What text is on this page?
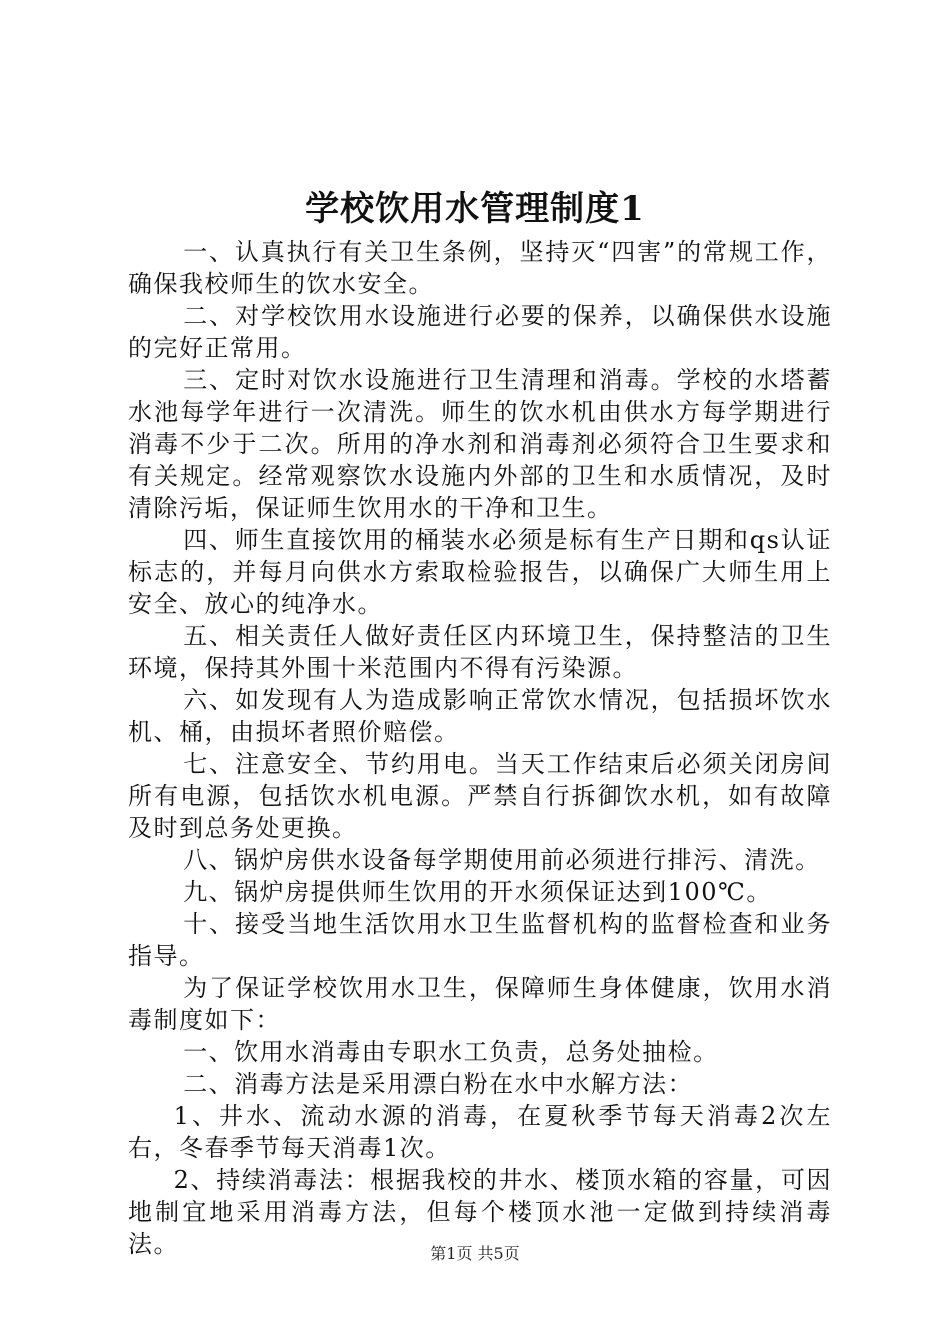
学校饮用水管理制度1

一、认真执行有关卫生条例，坚持灭“四害”的常规工作，确保我校师生的饮水安全。

二、对学校饮用水设施进行必要的保养，以确保供水设施的完好正常用。

三、定时对饮水设施进行卫生清理和消毒。学校的水塔蓄水池每学年进行一次清洗。师生的饮水机由供水方每学期进行消毒不少于二次。所用的净水剂和消毒剂必须符合卫生要求和有关规定。经常观察饮水设施内外部的卫生和水质情况，及时清除污垢，保证师生饮用水的干净和卫生。

四、师生直接饮用的桶装水必须是标有生产日期和qs认证标志的，并每月向供水方索取检验报告，以确保广大师生用上安全、放心的纯净水。

五、相关责任人做好责任区内环境卫生，保持整洁的卫生环境，保持其外围十米范围内不得有污染源。

六、如发现有人为造成影响正常饮水情况，包括损坏饮水机、桶，由损坏者照价赔偿。

七、注意安全、节约用电。当天工作结束后必须关闭房间所有电源，包括饮水机电源。严禁自行拆御饮水机，如有故障及时到总务处更换。

八、锅炉房供水设备每学期使用前必须进行排污、清洗。

九、锅炉房提供师生饮用的开水须保证达到100℃。

十、接受当地生活饮用水卫生监督机构的监督检查和业务指导。

为了保证学校饮用水卫生，保障师生身体健康，饮用水消毒制度如下：

一、饮用水消毒由专职水工负责，总务处抽检。

二、消毒方法是采用漂白粉在水中水解方法：

1、井水、流动水源的消毒，在夏秋季节每天消毒2次左右，冬春季节每天消毒1次。

2、持续消毒法：根据我校的井水、楼顶水箱的容量，可因地制宜地采用消毒方法，但每个楼顶水池一定做到持续消毒法。	第1页 共5页
